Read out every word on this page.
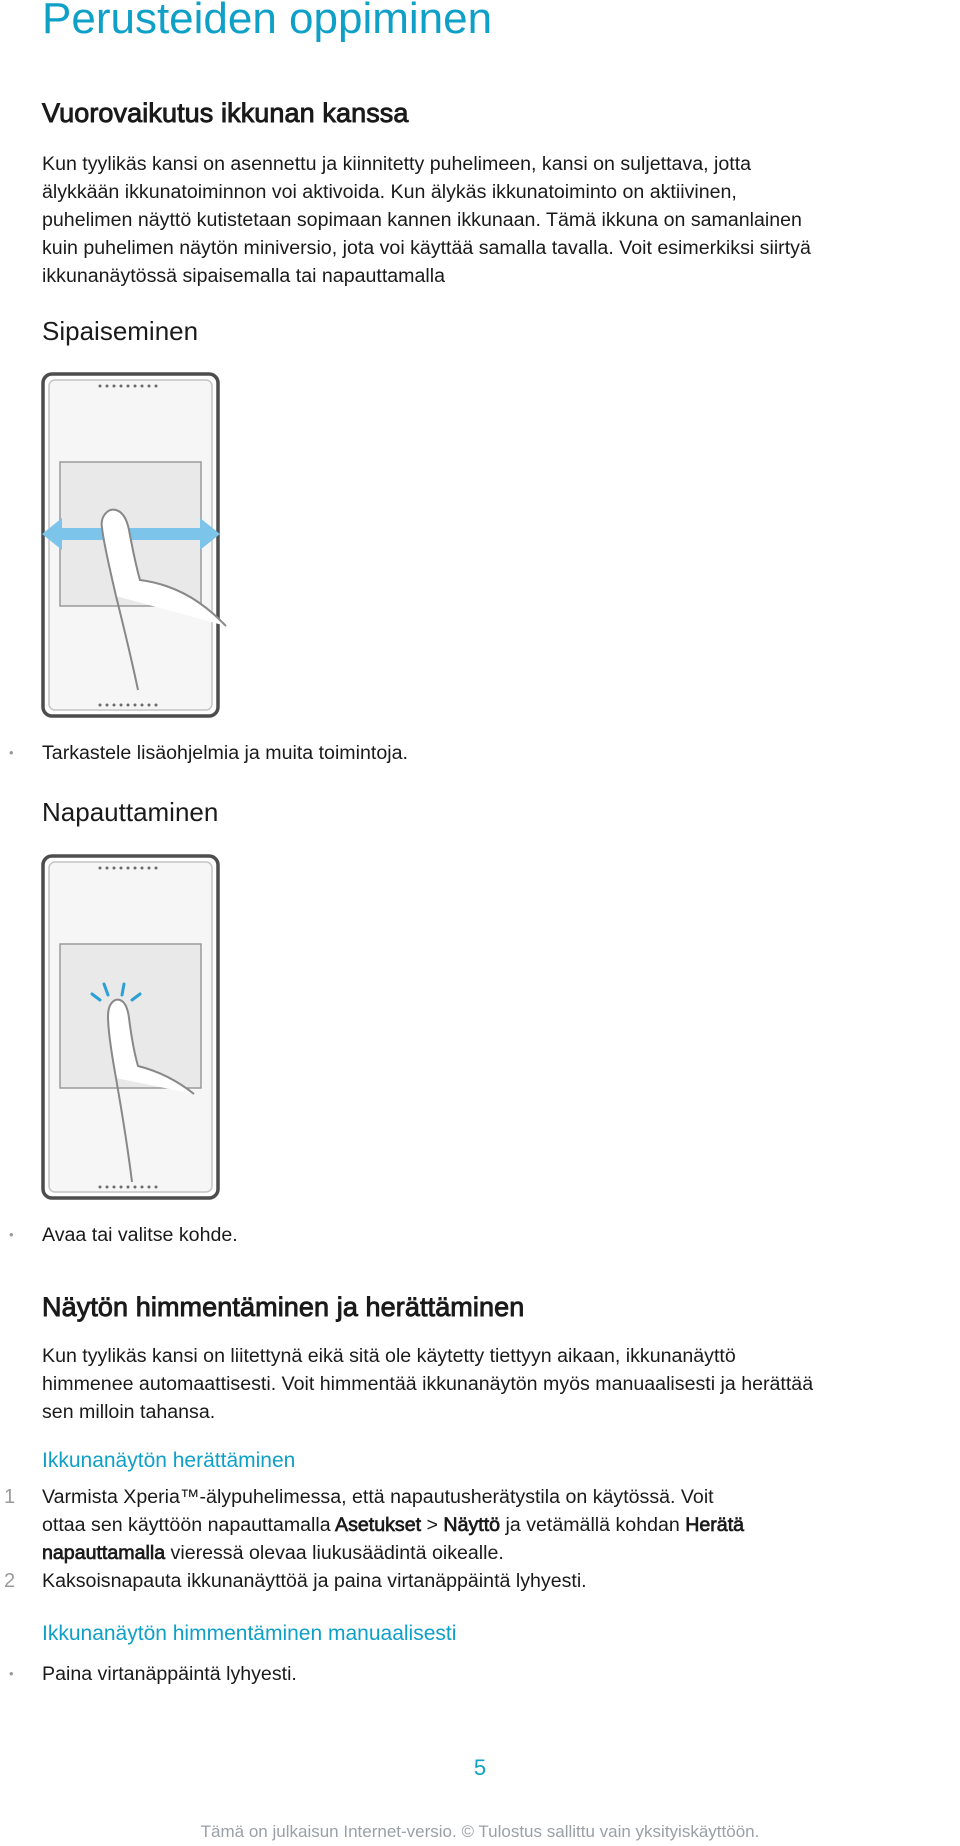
Perusteiden oppiminen
Vuorovaikutus ikkunan kanssa
Kun tyylikäs kansi on asennettu ja kiinnitetty puhelimeen, kansi on suljettava, jotta
älykkään ikkunatoiminnon voi aktivoida. Kun älykäs ikkunatoiminto on aktiivinen,
puhelimen näyttö kutistetaan sopimaan kannen ikkunaan. Tämä ikkuna on samanlainen
kuin puhelimen näytön miniversio, jota voi käyttää samalla tavalla. Voit esimerkiksi siirtyä
ikkunanäytössä sipaisemalla tai napauttamalla
Sipaiseminen
• Tarkastele lisäohjelmia ja muita toimintoja.
Napauttaminen
• Avaa tai valitse kohde.
Näytön himmentäminen ja herättäminen
Kun tyylikäs kansi on liitettynä eikä sitä ole käytetty tiettyyn aikaan, ikkunanäyttö
himmenee automaattisesti. Voit himmentää ikkunanäytön myös manuaalisesti ja herättää
sen milloin tahansa.
Ikkunanäytön herättäminen
1 Varmista Xperia™-älypuhelimessa, että napautusherätystila on käytössä. Voit
ottaa sen käyttöön napauttamalla Asetukset > Näyttö ja vetämällä kohdan Herätä
napauttamalla vieressä olevaa liukusäädintä oikealle.
2 Kaksoisnapauta ikkunanäyttöä ja paina virtanäppäintä lyhyesti.
Ikkunanäytön himmentäminen manuaalisesti
• Paina virtanäppäintä lyhyesti.
5
Tämä on julkaisun Internet-versio. © Tulostus sallittu vain yksityiskäyttöön.
